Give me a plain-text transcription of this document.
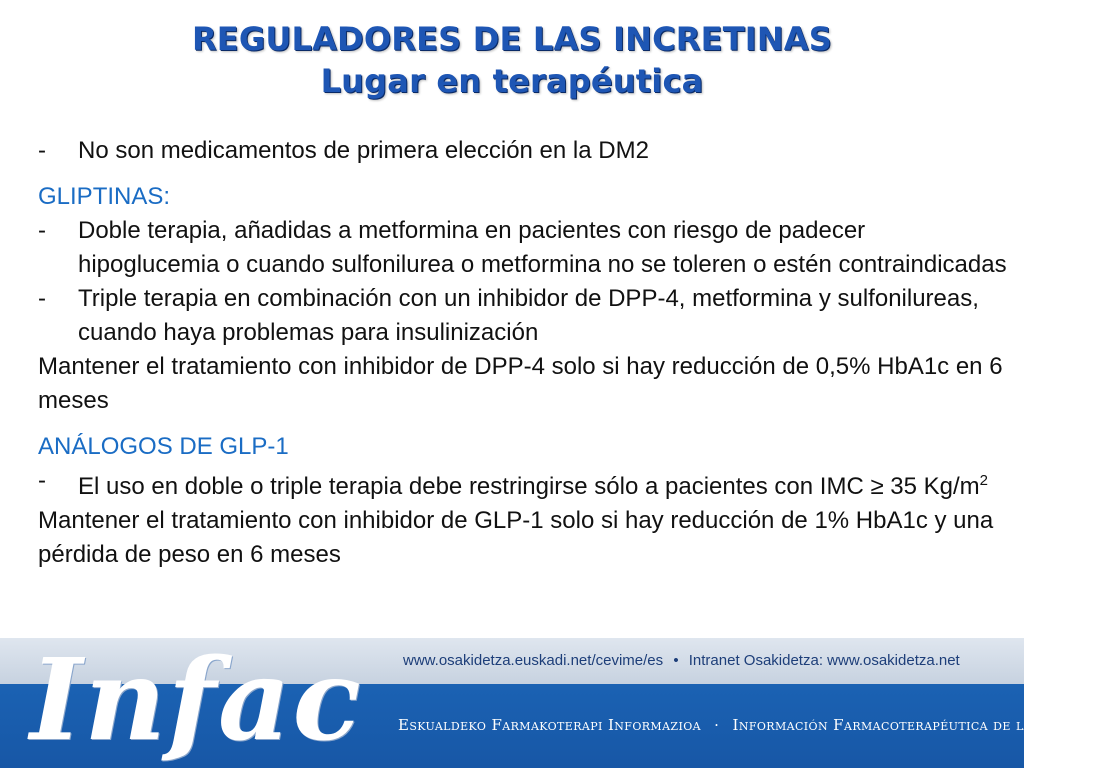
REGULADORES DE LAS INCRETINAS
Lugar en terapéutica
-	No son medicamentos de primera elección en la DM2
GLIPTINAS:
-	Doble terapia, añadidas a metformina en pacientes con riesgo de padecer hipoglucemia o cuando sulfonilurea o metformina no se toleren o estén contraindicadas
-	Triple terapia en combinación con un inhibidor de DPP-4, metformina y sulfonilureas, cuando haya problemas para insulinización
Mantener el tratamiento con inhibidor de DPP-4 solo si hay reducción de 0,5% HbA1c en 6 meses
ANÁLOGOS DE GLP-1
-	El uso en doble o triple terapia debe restringirse sólo a pacientes con IMC ≥ 35 $Kg/m^2$
Mantener el tratamiento con inhibidor de GLP-1 solo si hay reducción de 1% HbA1c y una pérdida de peso en 6 meses
Infac	www.osakidetza.euskadi.net/cevime/es • Intranet Osakidetza: www.osakidetza.net
Eskualdeko Farmakoterapi Informazioa · Información Farmacoterapéutica de la Comarca
